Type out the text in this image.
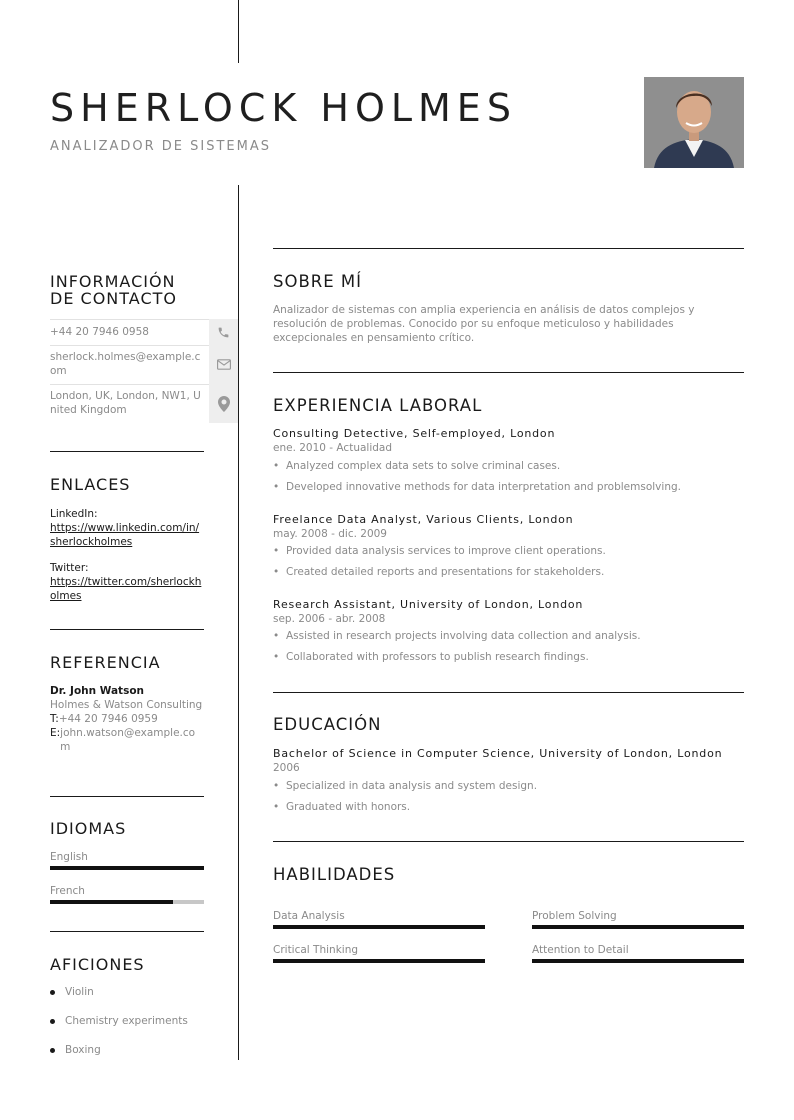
SHERLOCK HOLMES
ANALIZADOR DE SISTEMAS
INFORMACIÓN
DE CONTACTO
+44 20 7946 0958
sherlock.holmes@example.com
London, UK, London, NW1, United Kingdom
ENLACES
LinkedIn:
https://www.linkedin.com/in/sherlockholmes
Twitter:
https://twitter.com/sherlockholmes
REFERENCIA
Dr. John Watson
Holmes & Watson Consulting
T:+44 20 7946 0959
E: john.watson@example.com
IDIOMAS
English
French
AFICIONES
Violin
Chemistry experiments
Boxing
SOBRE MÍ
Analizador de sistemas con amplia experiencia en análisis de datos complejos y resolución de problemas. Conocido por su enfoque meticuloso y habilidades excepcionales en pensamiento crítico.
EXPERIENCIA LABORAL
Consulting Detective, Self-employed, London
ene. 2010 - Actualidad
• Analyzed complex data sets to solve criminal cases.
• Developed innovative methods for data interpretation and problemsolving.
Freelance Data Analyst, Various Clients, London
may. 2008 - dic. 2009
• Provided data analysis services to improve client operations.
• Created detailed reports and presentations for stakeholders.
Research Assistant, University of London, London
sep. 2006 - abr. 2008
• Assisted in research projects involving data collection and analysis.
• Collaborated with professors to publish research findings.
EDUCACIÓN
Bachelor of Science in Computer Science, University of London, London
2006
• Specialized in data analysis and system design.
• Graduated with honors.
HABILIDADES
Data Analysis	Problem Solving
Critical Thinking	Attention to Detail
